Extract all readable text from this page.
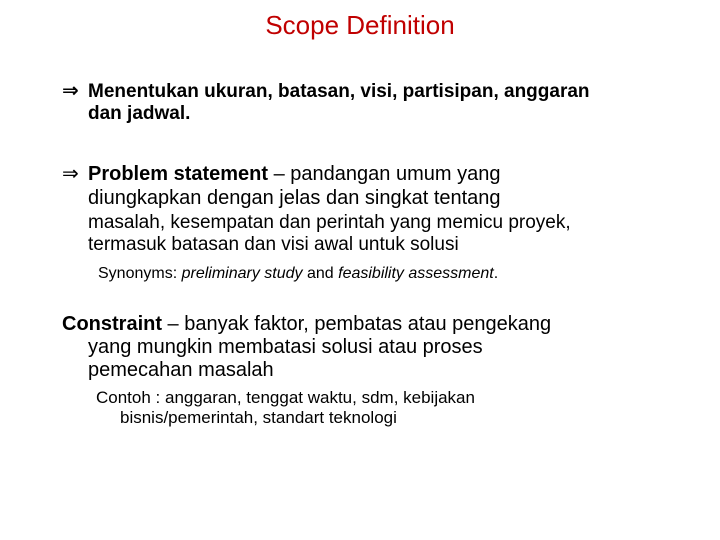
Scope Definition
⇒ Menentukan ukuran, batasan, visi, partisipan, anggaran
dan jadwal.
⇒ Problem statement – pandangan umum yang
diungkapkan dengan jelas dan singkat tentang
masalah, kesempatan dan perintah yang memicu proyek,
termasuk batasan dan visi awal untuk solusi
Synonyms: preliminary study and feasibility assessment.
Constraint – banyak faktor, pembatas atau pengekang
yang mungkin membatasi solusi atau proses
pemecahan masalah
Contoh : anggaran, tenggat waktu, sdm, kebijakan
bisnis/pemerintah, standart teknologi
